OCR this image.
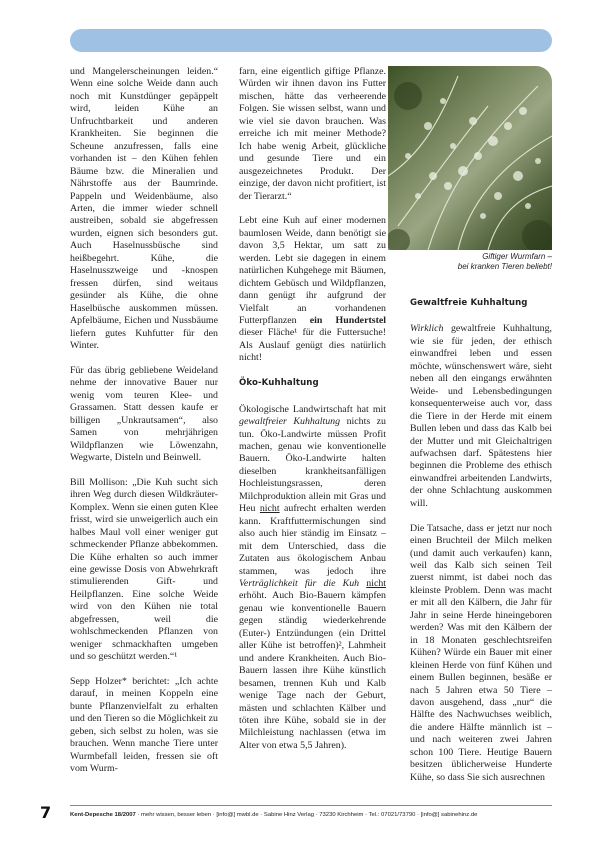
und Mangelerscheinungen leiden.“ Wenn eine solche Weide dann auch noch mit Kunstdünger gepäppelt wird, leiden Kühe an Unfruchtbarkeit und anderen Krankheiten. Sie beginnen die Scheune anzufressen, falls eine vorhanden ist – den Kühen fehlen Bäume bzw. die Mineralien und Nährstoffe aus der Baumrinde. Pappeln und Weidenbäume, also Arten, die immer wieder schnell austreiben, sobald sie abgefressen wurden, eignen sich besonders gut. Auch Haselnussbüsche sind heißbegehrt. Kühe, die Haselnusszweige und -knospen fressen dürfen, sind weitaus gesünder als Kühe, die ohne Haselbüsche auskommen müssen. Apfelbäume, Eichen und Nussbäume liefern gutes Kuhfutter für den Winter.

Für das übrig gebliebene Weideland nehme der innovative Bauer nur wenig vom teuren Klee- und Grassamen. Statt dessen kaufe er billigen „Unkrautsamen“, also Samen von mehrjährigen Wildpflanzen wie Löwenzahn, Wegwarte, Disteln und Beinwell.

Bill Mollison: „Die Kuh sucht sich ihren Weg durch diesen Wildkräuter-Komplex. Wenn sie einen guten Klee frisst, wird sie unweigerlich auch ein halbes Maul voll einer weniger gut schmeckender Pflanze abbekommen. Die Kühe erhalten so auch immer eine gewisse Dosis von Abwehrkraft stimulierenden Gift- und Heilpflanzen. Eine solche Weide wird von den Kühen nie total abgefressen, weil die wohlschmeckenden Pflanzen von weniger schmackhaften umgeben und so geschützt werden.“¹

Sepp Holzer* berichtet: „Ich achte darauf, in meinen Koppeln eine bunte Pflanzenvielfalt zu erhalten und den Tieren so die Möglichkeit zu geben, sich selbst zu holen, was sie brauchen. Wenn manche Tiere unter Wurmbefall leiden, fressen sie oft vom Wurm-

farn, eine eigentlich giftige Pflanze. Würden wir ihnen davon ins Futter mischen, hätte das verheerende Folgen. Sie wissen selbst, wann und wie viel sie davon brauchen. Was erreiche ich mit meiner Methode? Ich habe wenig Arbeit, glückliche und gesunde Tiere und ein ausgezeichnetes Produkt. Der einzige, der davon nicht profitiert, ist der Tierarzt.“

Lebt eine Kuh auf einer modernen baumlosen Weide, dann benötigt sie davon 3,5 Hektar, um satt zu werden. Lebt sie dagegen in einem natürlichen Kuhgehege mit Bäumen, dichtem Gebüsch und Wildpflanzen, dann genügt ihr aufgrund der Vielfalt an vorhandenen Futterpflanzen ein Hundertstel dieser Fläche¹ für die Futtersuche! Als Auslauf genügt dies natürlich nicht!

Öko-Kuhhaltung

Ökologische Landwirtschaft hat mit gewaltfreier Kuhhaltung nichts zu tun. Öko-Landwirte müssen Profit machen, genau wie konventionelle Bauern. Öko-Landwirte halten dieselben krankheitsanfälligen Hochleistungsrassen, deren Milchproduktion allein mit Gras und Heu nicht aufrecht erhalten werden kann. Kraftfuttermischungen sind also auch hier ständig im Einsatz – mit dem Unterschied, dass die Zutaten aus ökologischem Anbau stammen, was jedoch ihre Verträglichkeit für die Kuh nicht erhöht. Auch Bio-Bauern kämpfen genau wie konventionelle Bauern gegen ständig wiederkehrende (Euter-) Entzündungen (ein Drittel aller Kühe ist betroffen)², Lahmheit und andere Krankheiten. Auch Bio-Bauern lassen ihre Kühe künstlich besamen, trennen Kuh und Kalb wenige Tage nach der Geburt, mästen und schlachten Kälber und töten ihre Kühe, sobald sie in der Milchleistung nachlassen (etwa im Alter von etwa 5,5 Jahren).

Giftiger Wurmfarn –
bei kranken Tieren beliebt!
Gewaltfreie Kuhhaltung

Wirklich gewaltfreie Kuhhaltung, wie sie für jeden, der ethisch einwandfrei leben und essen möchte, wünschenswert wäre, sieht neben all den eingangs erwähnten Weide- und Lebensbedingungen konsequenterweise auch vor, dass die Tiere in der Herde mit einem Bullen leben und dass das Kalb bei der Mutter und mit Gleichaltrigen aufwachsen darf. Spätestens hier beginnen die Probleme des ethisch einwandfrei arbeitenden Landwirts, der ohne Schlachtung auskommen will.

Die Tatsache, dass er jetzt nur noch einen Bruchteil der Milch melken (und damit auch verkaufen) kann, weil das Kalb sich seinen Teil zuerst nimmt, ist dabei noch das kleinste Problem. Denn was macht er mit all den Kälbern, die Jahr für Jahr in seine Herde hineingeboren werden? Was mit den Kälbern der in 18 Monaten geschlechtsreifen Kühen? Würde ein Bauer mit einer kleinen Herde von fünf Kühen und einem Bullen beginnen, besäße er nach 5 Jahren etwa 50 Tiere – davon ausgehend, dass „nur“ die Hälfte des Nachwuchses weiblich, die andere Hälfte männlich ist – und nach weiteren zwei Jahren schon 100 Tiere. Heutige Bauern besitzen üblicherweise Hunderte Kühe, so dass Sie sich ausrechnen

7	Kent-Depesche 18/2007 · mehr wissen, besser leben · [info@] mwbl.de · Sabine Hinz Verlag · 73230 Kirchheim · Tel.: 07021/73790 · [info@] sabinehinz.de
